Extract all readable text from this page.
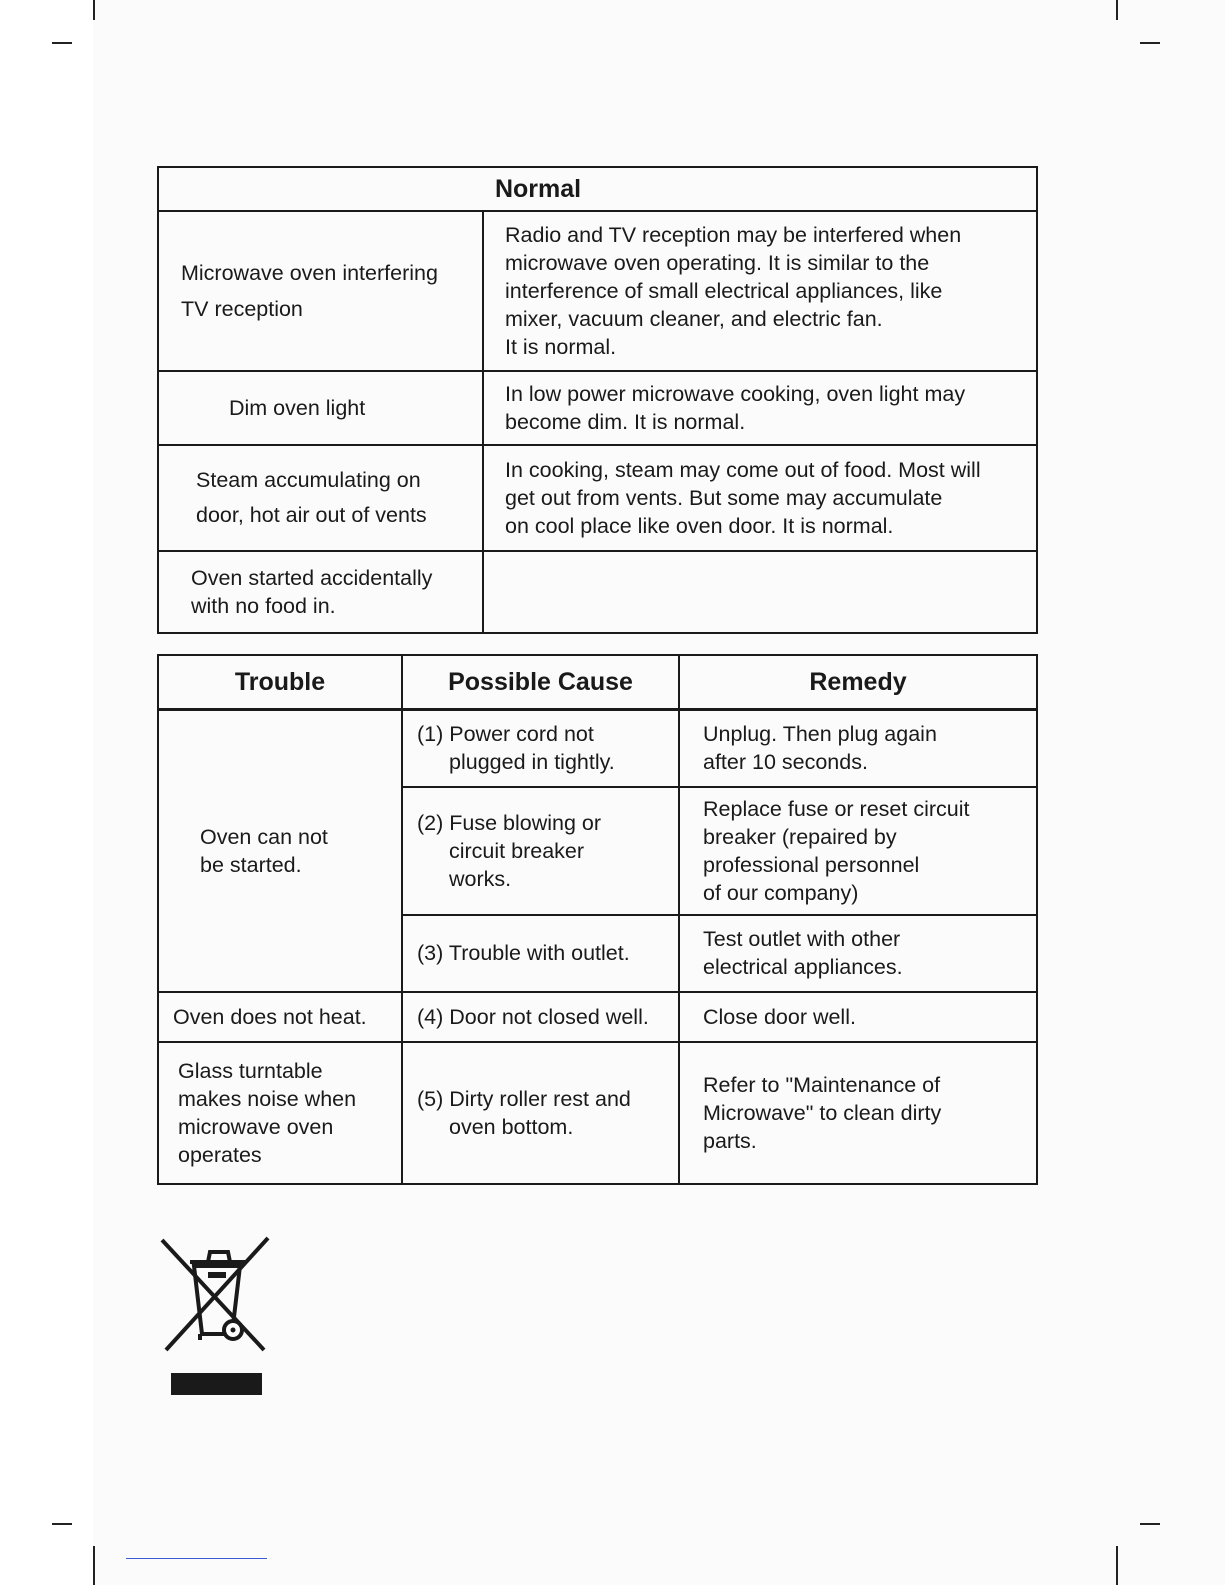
Normal	
Microwave oven interfering
TV reception	Radio and TV reception may be interfered when
microwave oven operating. It is similar to the
interference of small electrical appliances, like
mixer, vacuum cleaner, and electric fan.
It is normal.
Dim oven light	In low power microwave cooking, oven light may
become dim. It is normal.
Steam accumulating on
door, hot air out of vents	In cooking, steam may come out of food. Most will
get out from vents. But some may accumulate
on cool place like oven door. It is normal.
Oven started accidentally
with no food in.	
Trouble	Possible Cause	Remedy
Oven can not
be started.	(1) Power cord not
plugged in tightly.	Unplug. Then plug again
after 10 seconds.
	(2) Fuse blowing or
circuit breaker
works.	Replace fuse or reset circuit
breaker (repaired by
professional personnel
of our company)
	(3) Trouble with outlet.	Test outlet with other
electrical appliances.
Oven does not heat.	(4) Door not closed well.	Close door well.
Glass turntable
makes noise when
microwave oven
operates	(5) Dirty roller rest and
oven bottom.	Refer to "Maintenance of
Microwave" to clean dirty
parts.
